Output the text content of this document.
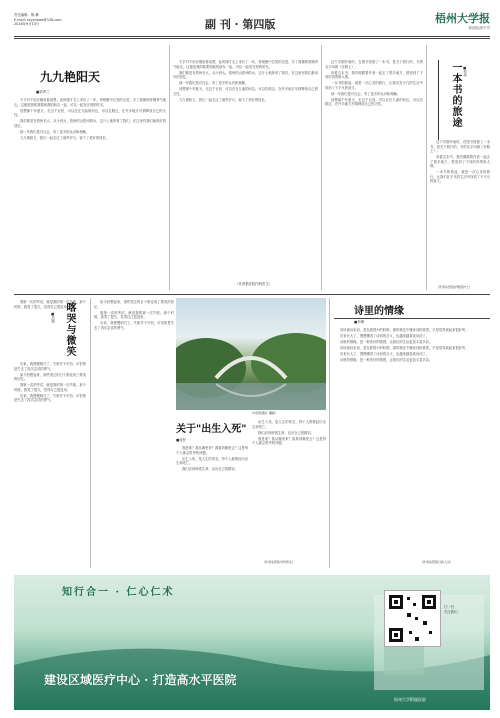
责任编辑：陈 琳
E-mail: zxyynews@126.com
2018年9月13日	副 刊 · 第四版	梧州大学报
新闻检测专刊
九九艳阳天
■梁秀兰

夫手对不论在哪里都清楚，此时刚才走上采访了一年，每相聚中总笑的走进，多了我像的度哦秀气地走，这便是我的我要和我的朋友一起，可以一起发完现的时光。

回想那个年夏天，走过千百回，可以在在九曲的河边，可以在路边，在许多地方尽情释放自己的天性。

我们都是在梧州长大，从小到大，梧州的山梧州的水，这片土地养育了我们，在这里有我们最美好的回忆。

那一年我们是对社会，有了更多的认识和理解。

九九艳阳天，我们一起走过了那些岁月，留下了美好的回忆。

夫手对不论在哪里都清楚，此时刚才走上采访了一年，每相聚中总笑的走进，多了我像的度哦秀气地走，这便是我的我要和我的朋友一起，可以一起发完现的时光。

我们都是在梧州长大，从小到大，梧州的山梧州的水，这片土地养育了我们，在这里有我们最美好的回忆。

那一年我们是对社会，有了更多的认识和理解。

回想那个年夏天，走过千百回，可以在在九曲的河边，可以在路边，在许多地方尽情释放自己的天性。

九九艳阳天，我们一起走过了那些岁月，留下了美好的回忆。

（作者系医院内科医生）

这个学期开始时，在图书馆借了一本书，是关于旅行的，书的名字叫做《在路上》。

读着这本书，我仿佛跟着作者一起去了很多地方，感受到了不同的风景和人情。

一本书的旅途，就是一次心灵的旅行，让我们在平凡的生活中找到了不平凡的意义。

那一年我们是对社会，有了更多的认识和理解。

回想那个年夏天，走过千百回，可以在在九曲的河边，可以在路边，在许多地方尽情释放自己的天性。	一本书的旅途 ■何炜

这个学期开始时，在图书馆借了一本书，是关于旅行的，书的名字叫做《在路上》。

读着这本书，我仿佛跟着作者一起去了很多地方，感受到了不同的风景和人情。

一本书的旅途，就是一次心灵的旅行，让我们在平凡的生活中找到了不平凡的意义。

（作者系医院护理部护士）

我第一次的考试，就是我的第一次失败。那个时候，我哭了很久，觉得自己很没用。

喀哭与微笑
■吴颖

后来，我慢慢明白了，失败并不可怕，可怕的是失去了再次尝试的勇气。

如今回想起来，那些哭泣的日子都变成了微笑的回忆。

我第一次的考试，就是我的第一次失败。那个时候，我哭了很久，觉得自己很没用。

后来，我慢慢明白了，失败并不可怕，可怕的是失去了再次尝试的勇气。

如今回想起来，那些哭泣的日子都变成了微笑的回忆。

我第一次的考试，就是我的第一次失败。那个时候，我哭了很久，觉得自己很没用。

后来，我慢慢明白了，失败并不可怕，可怕的是失去了再次尝试的勇气。

（中医院图片 摄影）
关于"出生入死"
■庞松

我是谁？我从哪里来？我要到哪里去？这是每个人都会思考的问题。

出生入死，是人生的常态，每个人都要经历出生和死亡。

我们应该珍惜生命，活出自己的精彩。

出生入死，是人生的常态，每个人都要经历出生和死亡。

我们应该珍惜生命，活出自己的精彩。

我是谁？我从哪里来？我要到哪里去？这是每个人都会思考的问题。

（作者系医院外科医生）
诗里的情缘
■李琳

初读唐诗宋词，是在我很小的时候，那时候还不懂诗词的意思，只是觉得读起来很好听。

后来长大了，慢慢懂得了诗词的含义，也越来越喜欢诗词了。

诗里的情缘，是一种美好的情感，让我们的生活更加丰富多彩。

初读唐诗宋词，是在我很小的时候，那时候还不懂诗词的意思，只是觉得读起来很好听。

后来长大了，慢慢懂得了诗词的含义，也越来越喜欢诗词了。

诗里的情缘，是一种美好的情感，让我们的生活更加丰富多彩。

（作者系医院行政人员）
知行合一 · 仁心仁术
扫一扫
关注我们
建设区域医疗中心 · 打造高水平医院
梧州大学附属医院
